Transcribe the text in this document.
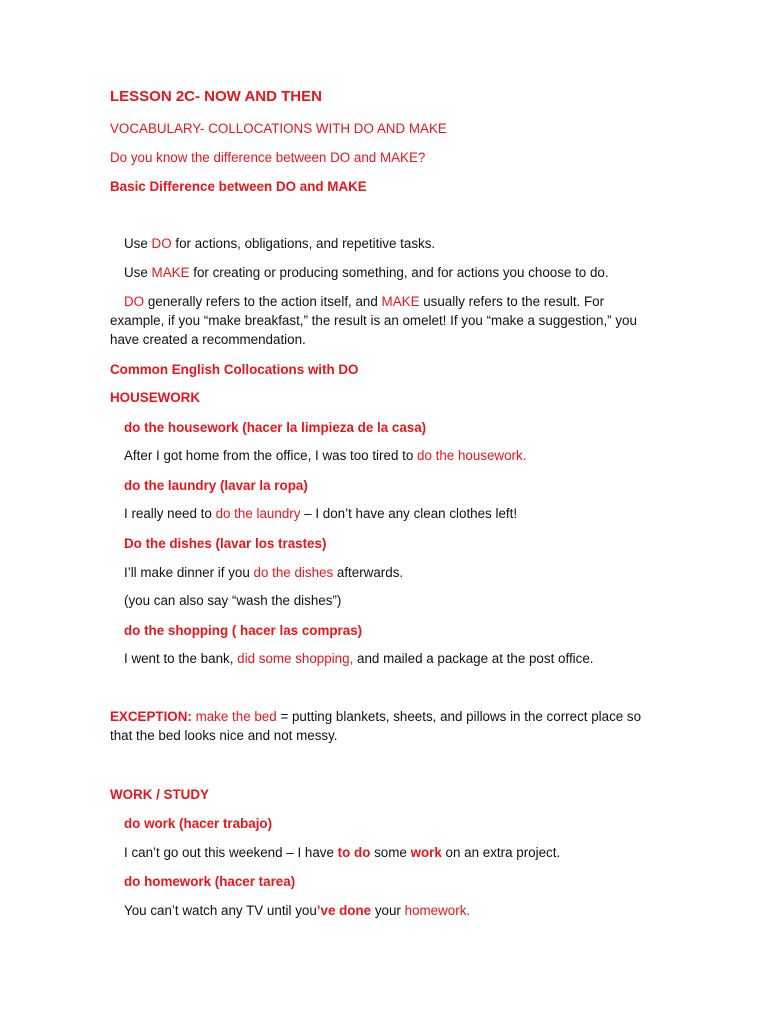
LESSON 2C- NOW AND THEN
VOCABULARY- COLLOCATIONS WITH DO AND MAKE
Do you know the difference between DO and MAKE?
Basic Difference between DO and MAKE
Use DO for actions, obligations, and repetitive tasks.
Use MAKE for creating or producing something, and for actions you choose to do.
DO generally refers to the action itself, and MAKE usually refers to the result. For example, if you “make breakfast,” the result is an omelet! If you “make a suggestion,” you have created a recommendation.
Common English Collocations with DO
HOUSEWORK
do the housework (hacer la limpieza de la casa)
After I got home from the office, I was too tired to do the housework.
do the laundry (lavar la ropa)
I really need to do the laundry – I don’t have any clean clothes left!
Do the dishes (lavar los trastes)
I’ll make dinner if you do the dishes afterwards.
(you can also say “wash the dishes”)
do the shopping ( hacer las compras)
I went to the bank, did some shopping, and mailed a package at the post office.
EXCEPTION: make the bed = putting blankets, sheets, and pillows in the correct place so that the bed looks nice and not messy.
WORK / STUDY
do work (hacer trabajo)
I can’t go out this weekend – I have to do some work on an extra project.
do homework (hacer tarea)
You can’t watch any TV until you’ve done your homework.
